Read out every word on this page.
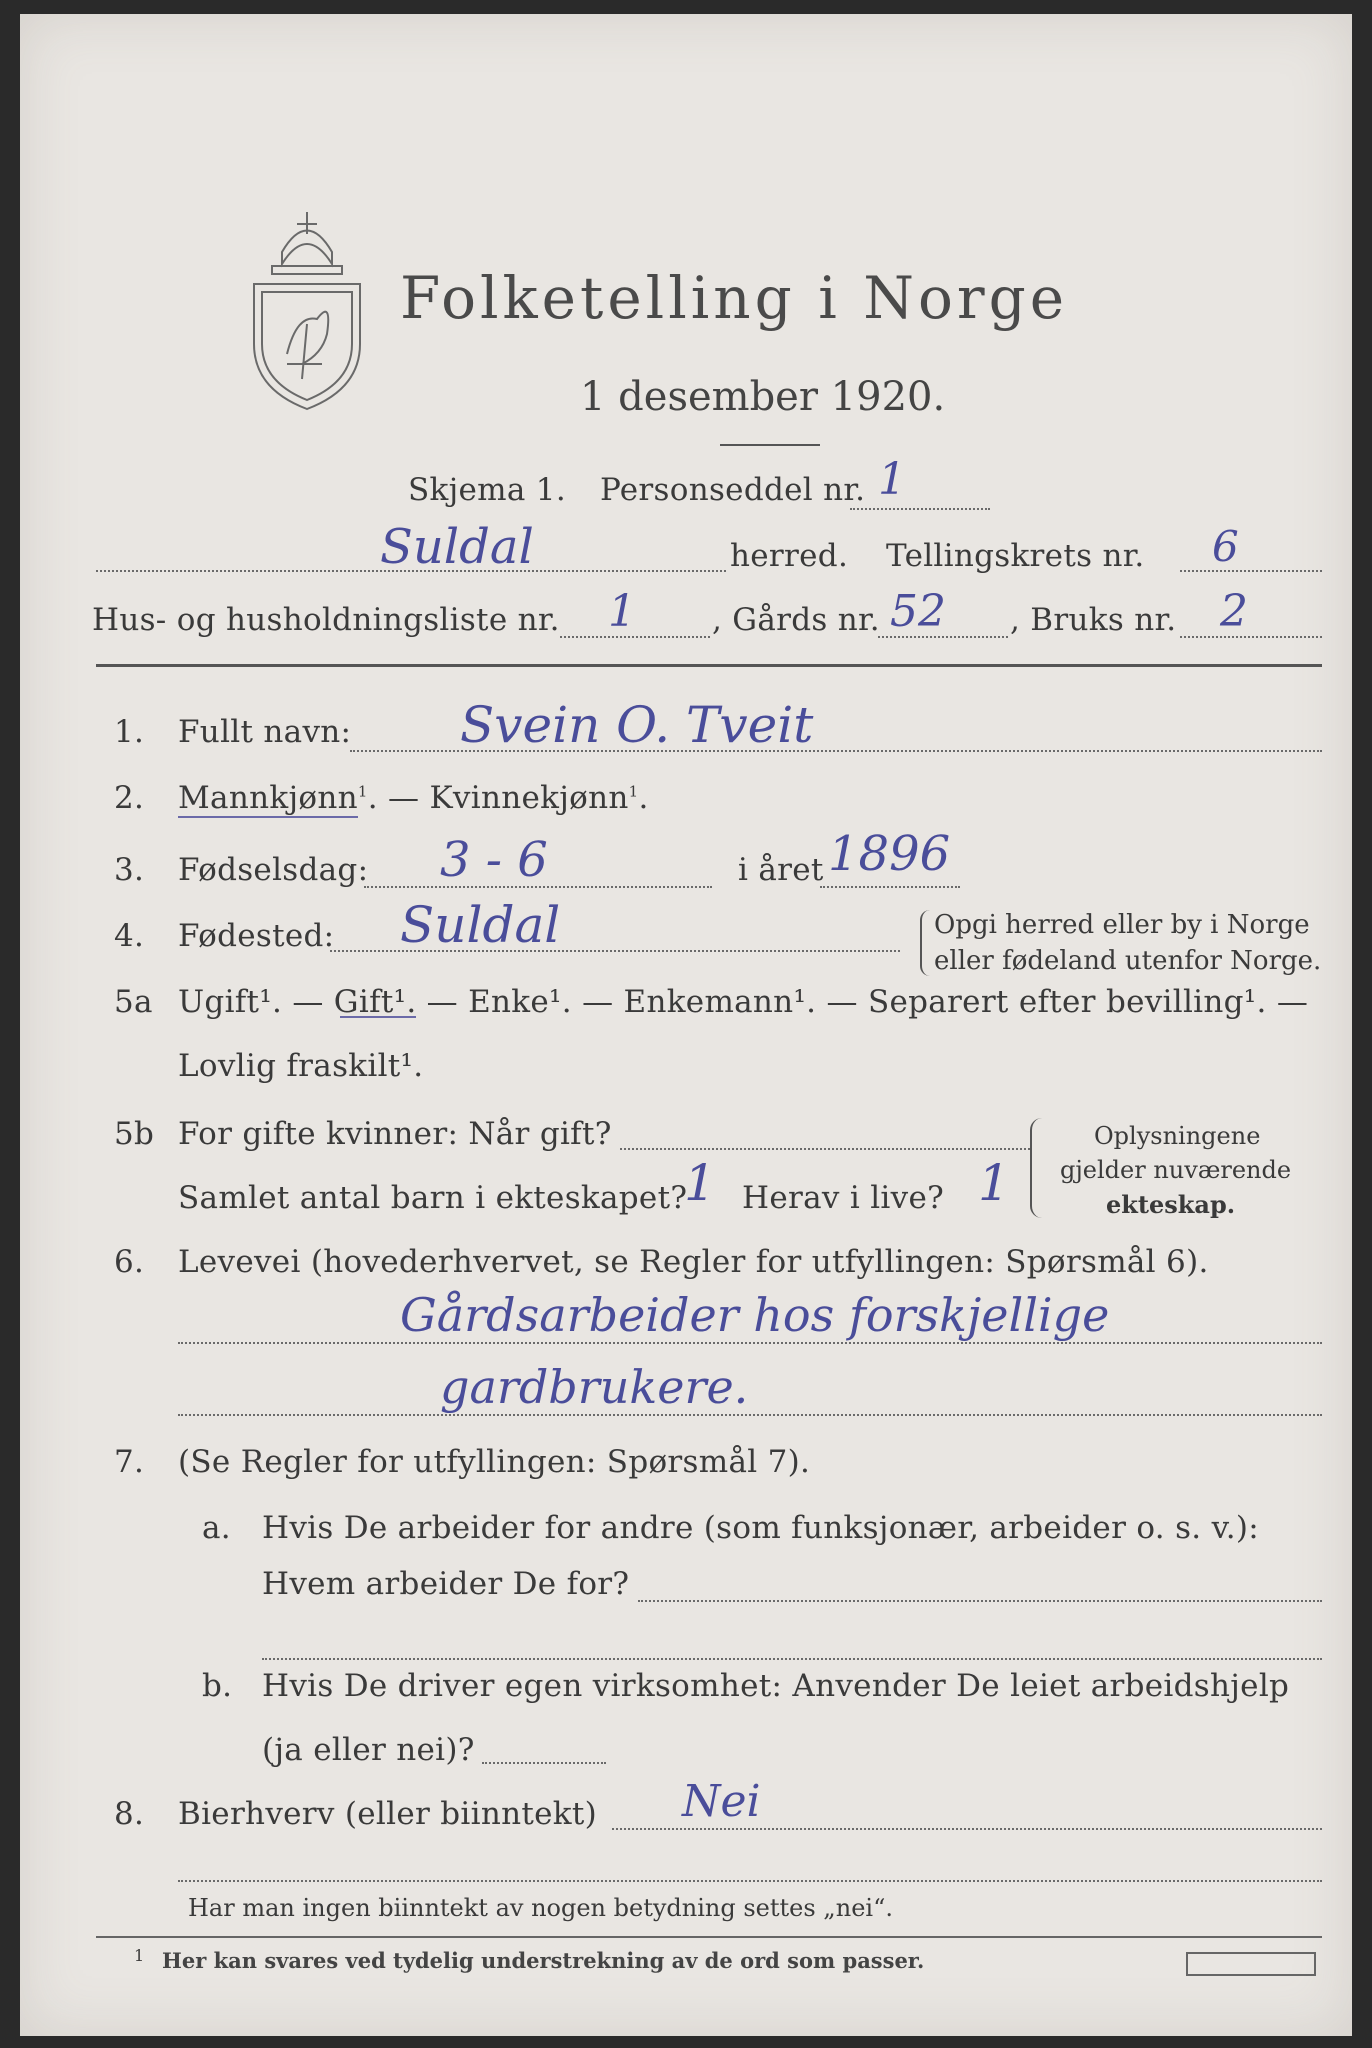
Folketelling i Norge
1 desember 1920.
Skjema 1. Personseddel nr. 1
Suldal	herred. Tellingskrets nr. 6
Hus- og husholdningsliste nr. 1 , Gårds nr. 52 , Bruks nr. 2
1. Fullt navn: Svein O. Tveit
2. Mannkjønn$^1$. — Kvinnekjønn$^1$.
3. Fødselsdag: 3 - 6	i året 1896
4. Fødested: Suldal	Opgi herred eller by i Norge
eller fødeland utenfor Norge.
5a Ugift¹. — Gift¹. — Enke¹. — Enkemann¹. — Separert efter bevilling¹. —
Lovlig fraskilt¹.
5b For gifte kvinner: Når gift?
Samlet antal barn i ekteskapet?
1 Herav i live? 1
Oplysningene
gjelder nuværende
ekteskap.
6. Levevei (hovederhvervet, se Regler for utfyllingen: Spørsmål 6).
Gårdsarbeider hos forskjellige
gardbrukere.
7. (Se Regler for utfyllingen: Spørsmål 7).
a. Hvis De arbeider for andre (som funksjonær, arbeider o. s. v.):
Hvem arbeider De for?
b. Hvis De driver egen virksomhet: Anvender De leiet arbeidshjelp
(ja eller nei)?
8. Bierhverv (eller biinntekt) Nei
Har man ingen biinntekt av nogen betydning settes „nei“.
1 Her kan svares ved tydelig understrekning av de ord som passer.
